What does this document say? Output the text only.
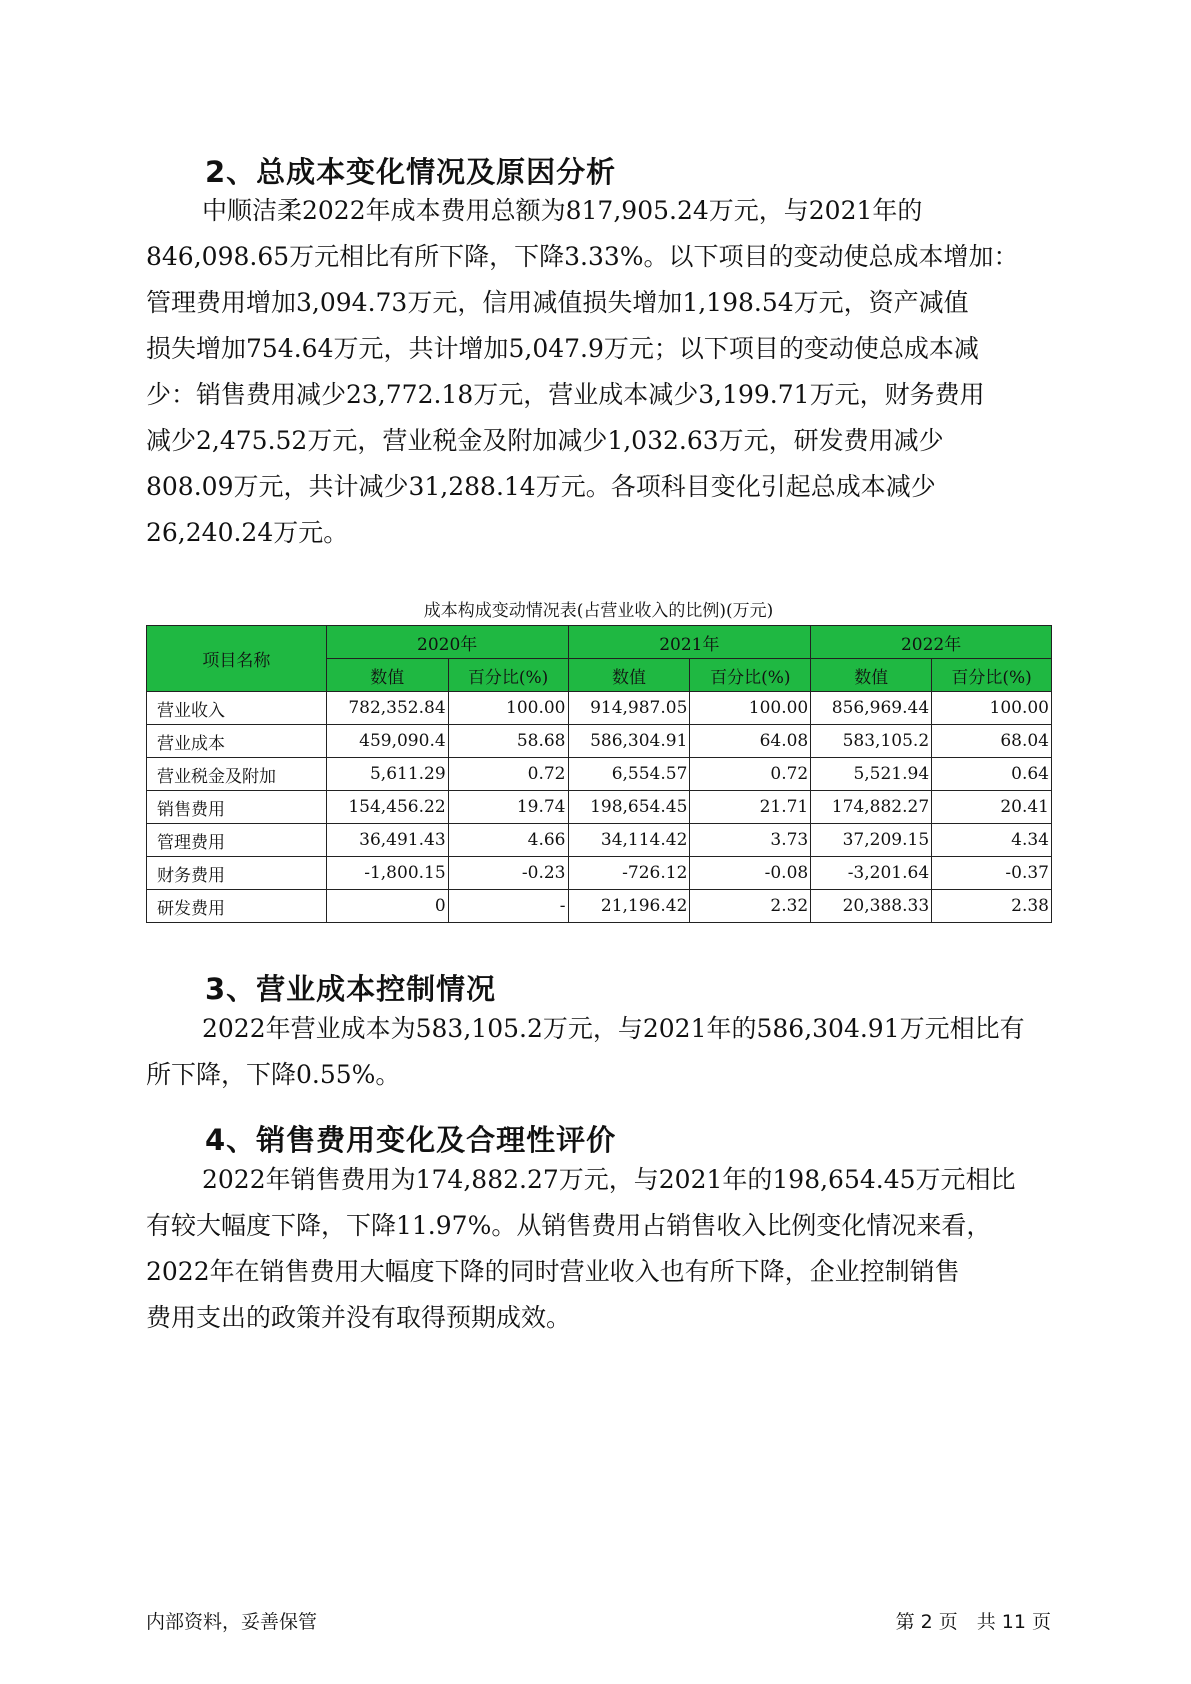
2、总成本变化情况及原因分析
中顺洁柔2022年成本费用总额为817,905.24万元，与2021年的
846,098.65万元相比有所下降，下降3.33%。以下项目的变动使总成本增加：
管理费用增加3,094.73万元，信用减值损失增加1,198.54万元，资产减值
损失增加754.64万元，共计增加5,047.9万元；以下项目的变动使总成本减
少：销售费用减少23,772.18万元，营业成本减少3,199.71万元，财务费用
减少2,475.52万元，营业税金及附加减少1,032.63万元，研发费用减少
808.09万元，共计减少31,288.14万元。各项科目变化引起总成本减少
26,240.24万元。
成本构成变动情况表(占营业收入的比例)(万元)
项目名称	2020年		2021年		2022年	
	数值	百分比(%)	数值	百分比(%)	数值	百分比(%)
营业收入	782,352.84	100.00	914,987.05	100.00	856,969.44	100.00
营业成本	459,090.4	58.68	586,304.91	64.08	583,105.2	68.04
营业税金及附加	5,611.29	0.72	6,554.57	0.72	5,521.94	0.64
销售费用	154,456.22	19.74	198,654.45	21.71	174,882.27	20.41
管理费用	36,491.43	4.66	34,114.42	3.73	37,209.15	4.34
财务费用	-1,800.15	-0.23	-726.12	-0.08	-3,201.64	-0.37
研发费用	0	-	21,196.42	2.32	20,388.33	2.38
3、营业成本控制情况
2022年营业成本为583,105.2万元，与2021年的586,304.91万元相比有
所下降，下降0.55%。
4、销售费用变化及合理性评价
2022年销售费用为174,882.27万元，与2021年的198,654.45万元相比
有较大幅度下降，下降11.97%。从销售费用占销售收入比例变化情况来看，
2022年在销售费用大幅度下降的同时营业收入也有所下降，企业控制销售
费用支出的政策并没有取得预期成效。
内部资料，妥善保管	第 2 页　共 11 页
